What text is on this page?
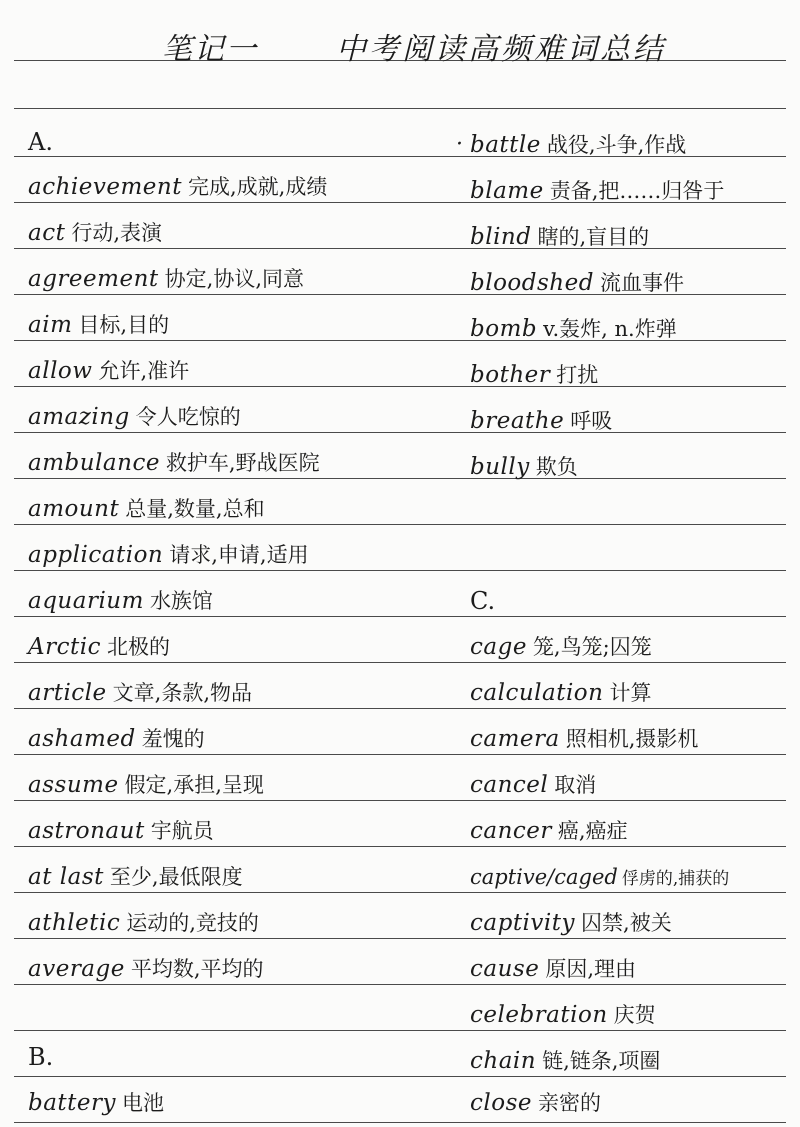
笔记一	中考阅读高频难词总结
A.
achievement 完成,成就,成绩
act 行动,表演
agreement 协定,协议,同意
aim 目标,目的
allow 允许,准许
amazing 令人吃惊的
ambulance 救护车,野战医院
amount 总量,数量,总和
application 请求,申请,适用
aquarium 水族馆
Arctic 北极的
article 文章,条款,物品
ashamed 羞愧的
assume 假定,承担,呈现
astronaut 宇航员
at last 至少,最低限度
athletic 运动的,竞技的
average 平均数,平均的
B.
battery 电池
· battle 战役,斗争,作战
blame 责备,把……归咎于
blind 瞎的,盲目的
bloodshed 流血事件
bomb v.轰炸, n.炸弹
bother 打扰
breathe 呼吸
bully 欺负
C.
cage 笼,鸟笼;囚笼
calculation 计算
camera 照相机,摄影机
cancel 取消
cancer 癌,癌症
captive/caged 俘虏的,捕获的
captivity 囚禁,被关
cause 原因,理由
celebration 庆贺
chain 链,链条,项圈
close 亲密的
